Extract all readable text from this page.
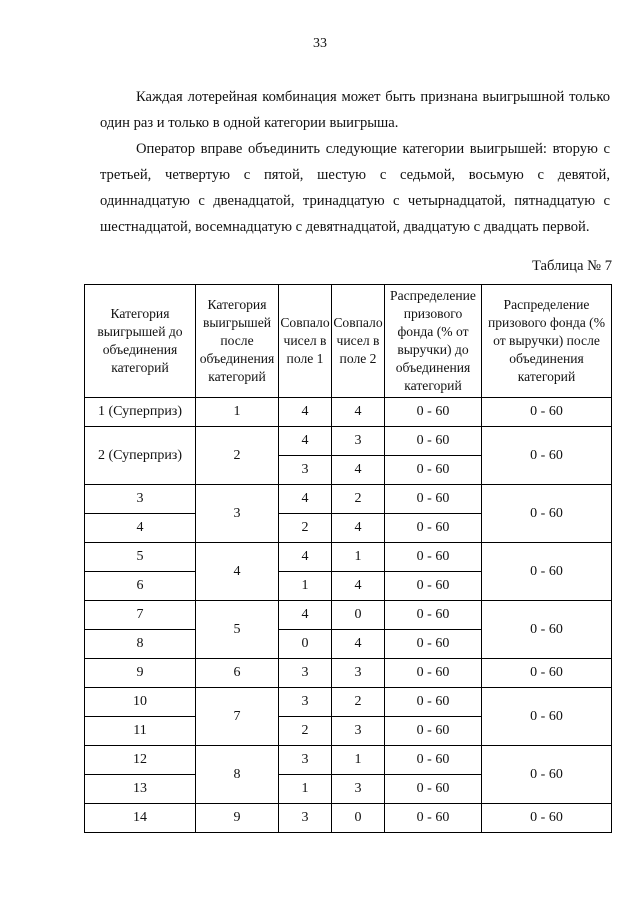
33

Каждая лотерейная комбинация может быть признана выигрышной только один раз и только в одной категории выигрыша.

Оператор вправе объединить следующие категории выигрышей: вторую с третьей, четвертую с пятой, шестую с седьмой, восьмую с девятой, одиннадцатую с двенадцатой, тринадцатую с четырнадцатой, пятнадцатую с шестнадцатой, восемнадцатую с девятнадцатой, двадцатую с двадцать первой.

Таблица № 7
Категория выигрышей до объединения категорий	Категория выигрышей после объединения категорий	Совпало чисел в поле 1	Совпало чисел в поле 2	Распределение призового фонда (% от выручки) до объединения категорий	Распределение призового фонда (% от выручки) после объединения категорий
1 (Суперприз)	1	4	4	0 - 60	0 - 60
2 (Суперприз)	2	4	3	0 - 60	0 - 60
		3	4	0 - 60	
3	3	4	2	0 - 60	0 - 60
4		2	4	0 - 60	
5	4	4	1	0 - 60	0 - 60
6		1	4	0 - 60	
7	5	4	0	0 - 60	0 - 60
8		0	4	0 - 60	
9	6	3	3	0 - 60	0 - 60
10	7	3	2	0 - 60	0 - 60
11		2	3	0 - 60	
12	8	3	1	0 - 60	0 - 60
13		1	3	0 - 60	
14	9	3	0	0 - 60	0 - 60
